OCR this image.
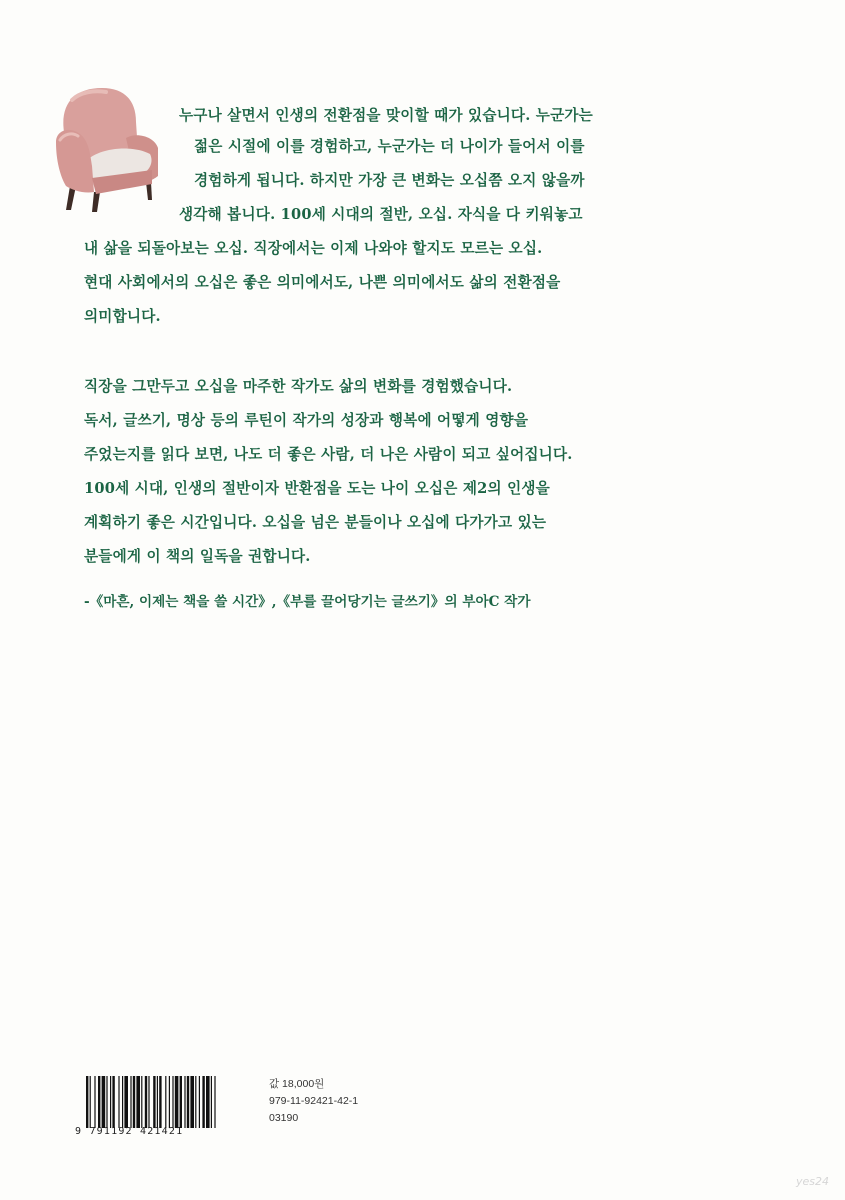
누구나 살면서 인생의 전환점을 맞이할 때가 있습니다. 누군가는
젊은 시절에 이를 경험하고, 누군가는 더 나이가 들어서 이를
경험하게 됩니다. 하지만 가장 큰 변화는 오십쯤 오지 않을까
생각해 봅니다. 100세 시대의 절반, 오십. 자식을 다 키워놓고
내 삶을 되돌아보는 오십. 직장에서는 이제 나와야 할지도 모르는 오십.
현대 사회에서의 오십은 좋은 의미에서도, 나쁜 의미에서도 삶의 전환점을
의미합니다.
직장을 그만두고 오십을 마주한 작가도 삶의 변화를 경험했습니다.
독서, 글쓰기, 명상 등의 루틴이 작가의 성장과 행복에 어떻게 영향을
주었는지를 읽다 보면, 나도 더 좋은 사람, 더 나은 사람이 되고 싶어집니다.
100세 시대, 인생의 절반이자 반환점을 도는 나이 오십은 제2의 인생을
계획하기 좋은 시간입니다. 오십을 넘은 분들이나 오십에 다가가고 있는
분들에게 이 책의 일독을 권합니다.
-《마흔, 이제는 책을 쓸 시간》,《부를 끌어당기는 글쓰기》의 부아C 작가
9 791192 421421
값 18,000원
979-11-92421-42-1
03190
yes24
